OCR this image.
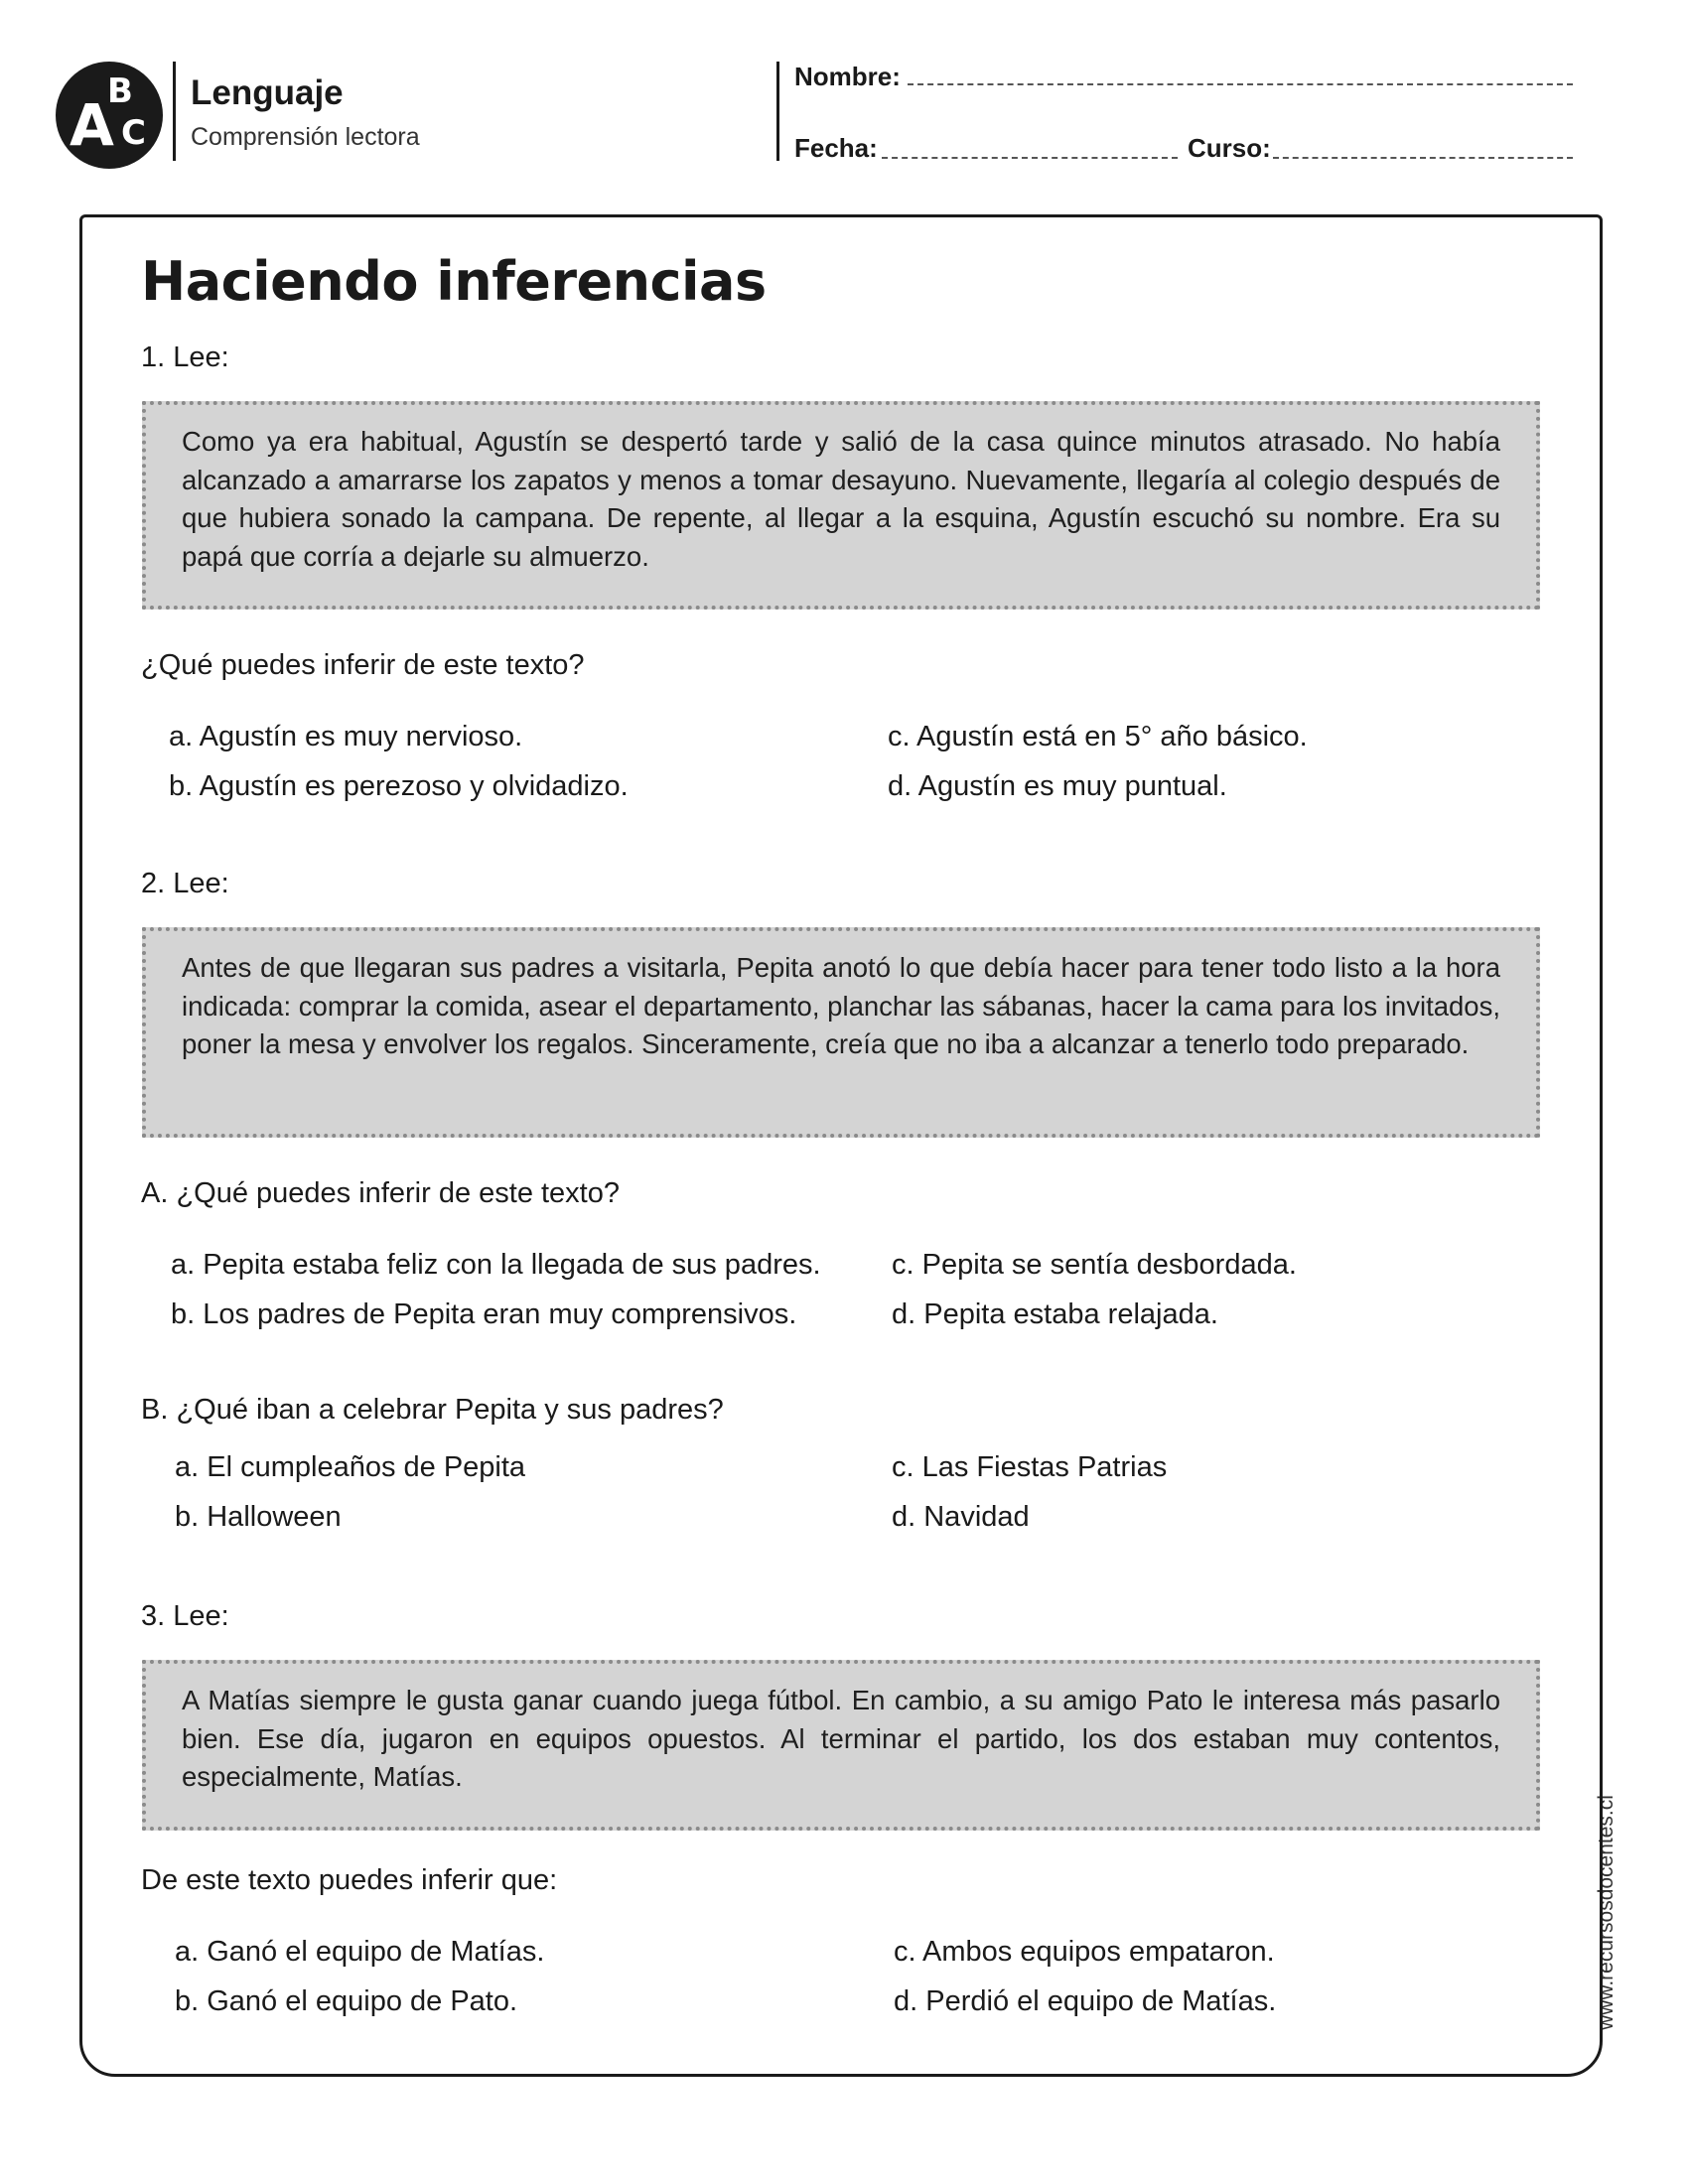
A
B
C
Lenguaje
Comprensión lectora
Nombre:
Fecha:	Curso:
www.recursosdocentes.cl
Haciendo inferencias
1. Lee:
Como ya era habitual, Agustín se despertó tarde y salió de la casa quince minutos atrasado. No había alcanzado a amarrarse los zapatos y menos a tomar desayuno. Nuevamente, llegaría al colegio después de que hubiera sonado la campana. De repente, al llegar a la esquina, Agustín escuchó su nombre. Era su papá que corría a dejarle su almuerzo.
¿Qué puedes inferir de este texto?
a. Agustín es muy nervioso.
b. Agustín es perezoso y olvidadizo.
c. Agustín está en 5° año básico.
d. Agustín es muy puntual.
2. Lee:
Antes de que llegaran sus padres a visitarla, Pepita anotó lo que debía hacer para tener todo listo a la hora indicada: comprar la comida, asear el departamento, planchar las sábanas, hacer la cama para los invitados, poner la mesa y envolver los regalos. Sinceramente, creía que no iba a alcanzar a tenerlo todo preparado.
A. ¿Qué puedes inferir de este texto?
a. Pepita estaba feliz con la llegada de sus padres.
b. Los padres de Pepita eran muy comprensivos.
c. Pepita se sentía desbordada.
d. Pepita estaba relajada.
B. ¿Qué iban a celebrar Pepita y sus padres?
a. El cumpleaños de Pepita
b. Halloween
c. Las Fiestas Patrias
d. Navidad
3. Lee:
A Matías siempre le gusta ganar cuando juega fútbol. En cambio, a su amigo Pato le interesa más pasarlo bien. Ese día, jugaron en equipos opuestos. Al terminar el partido, los dos estaban muy contentos, especialmente, Matías.
De este texto puedes inferir que:
a. Ganó el equipo de Matías.
b. Ganó el equipo de Pato.
c. Ambos equipos empataron.
d. Perdió el equipo de Matías.
